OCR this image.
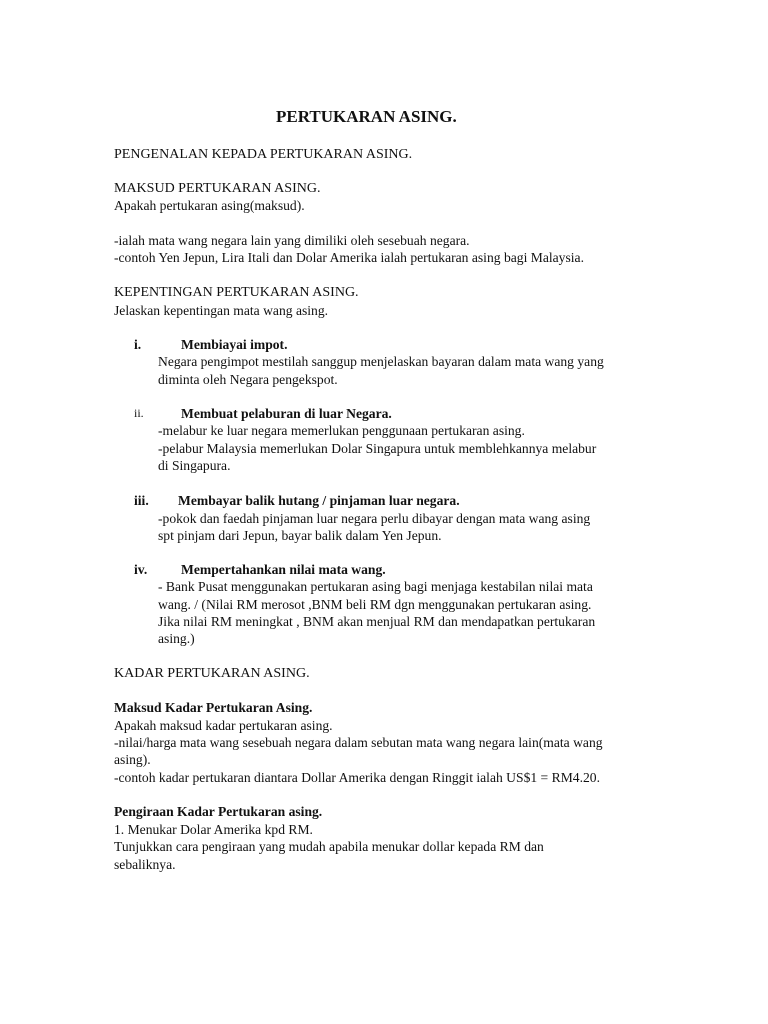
PERTUKARAN ASING.
PENGENALAN KEPADA PERTUKARAN ASING.
MAKSUD PERTUKARAN ASING.
Apakah pertukaran asing(maksud).
-ialah mata wang negara lain yang dimiliki oleh sesebuah negara.
-contoh Yen Jepun, Lira Itali dan Dolar Amerika ialah pertukaran asing bagi Malaysia.
KEPENTINGAN PERTUKARAN ASING.
Jelaskan kepentingan mata wang asing.
i.	Membiayai impot.
Negara pengimpot mestilah sanggup menjelaskan bayaran dalam mata wang yang
diminta oleh Negara pengekspot.
ii.	Membuat pelaburan di luar Negara.
-melabur ke luar negara memerlukan penggunaan pertukaran asing.
-pelabur Malaysia memerlukan Dolar Singapura untuk memblehkannya melabur
di Singapura.
iii. Membayar balik hutang / pinjaman luar negara.
-pokok dan faedah pinjaman luar negara perlu dibayar dengan mata wang asing
spt pinjam dari Jepun, bayar balik dalam Yen Jepun.
iv. Mempertahankan nilai mata wang.
- Bank Pusat menggunakan pertukaran asing bagi menjaga kestabilan nilai mata
wang. / (Nilai RM merosot ,BNM beli RM dgn menggunakan pertukaran asing.
Jika nilai RM meningkat , BNM akan menjual RM dan mendapatkan pertukaran
asing.)
KADAR PERTUKARAN ASING.
Maksud Kadar Pertukaran Asing.
Apakah maksud kadar pertukaran asing.
-nilai/harga mata wang sesebuah negara dalam sebutan mata wang negara lain(mata wang
asing).
-contoh kadar pertukaran diantara Dollar Amerika dengan Ringgit ialah US$1 = RM4.20.
Pengiraan Kadar Pertukaran asing.
1. Menukar Dolar Amerika kpd RM.
Tunjukkan cara pengiraan yang mudah apabila menukar dollar kepada RM dan
sebaliknya.
